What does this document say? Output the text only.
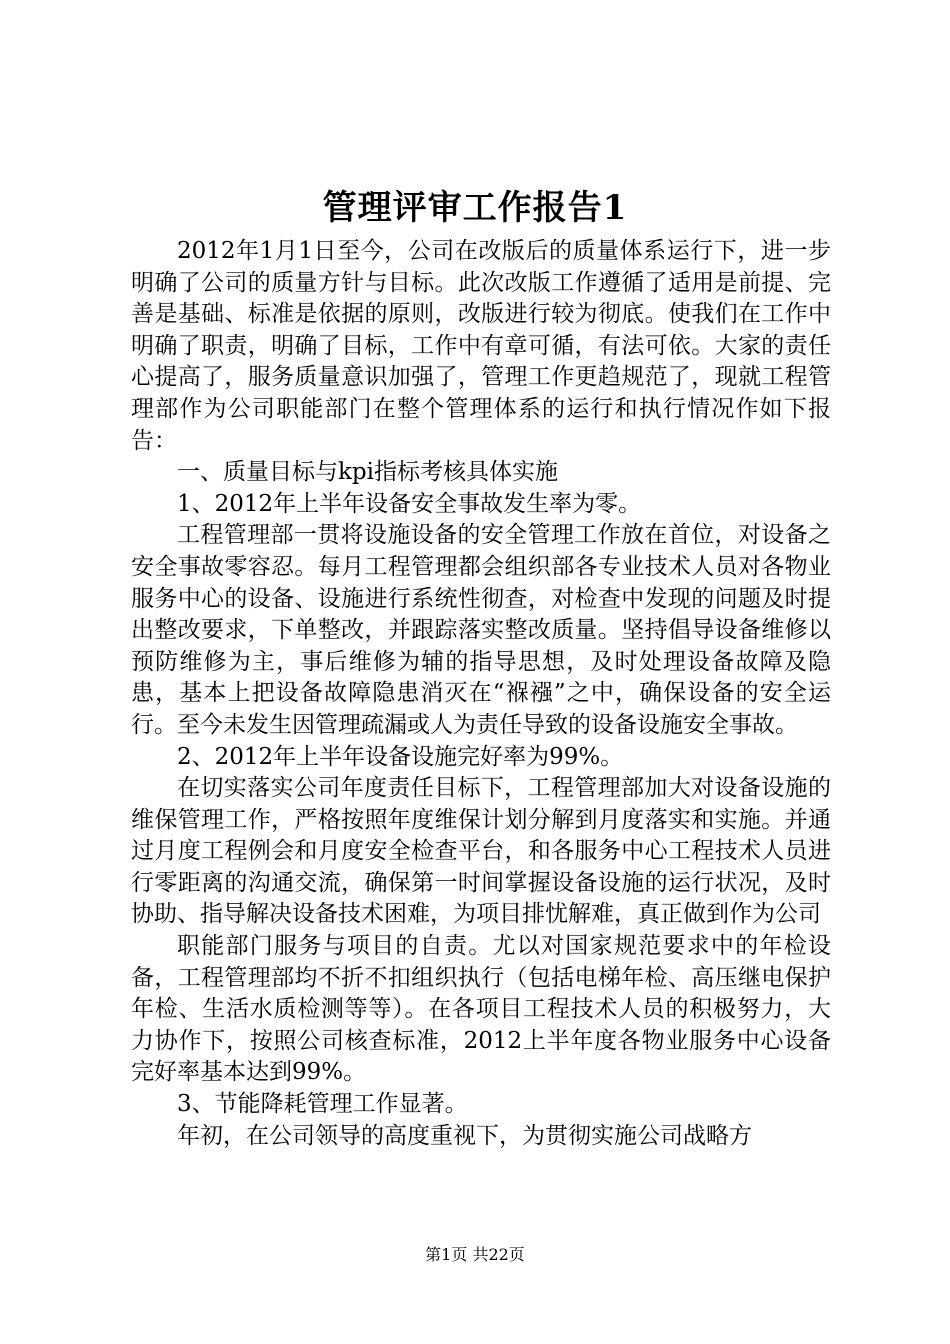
管理评审工作报告1

2012年1月1日至今，公司在改版后的质量体系运行下，进一步明确了公司的质量方针与目标。此次改版工作遵循了适用是前提、完善是基础、标准是依据的原则，改版进行较为彻底。使我们在工作中明确了职责，明确了目标，工作中有章可循，有法可依。大家的责任心提高了，服务质量意识加强了，管理工作更趋规范了，现就工程管理部作为公司职能部门在整个管理体系的运行和执行情况作如下报告：

一、质量目标与kpi指标考核具体实施

1、2012年上半年设备安全事故发生率为零。

工程管理部一贯将设施设备的安全管理工作放在首位，对设备之安全事故零容忍。每月工程管理都会组织部各专业技术人员对各物业服务中心的设备、设施进行系统性彻查，对检查中发现的问题及时提出整改要求，下单整改，并跟踪落实整改质量。坚持倡导设备维修以预防维修为主，事后维修为辅的指导思想，及时处理设备故障及隐患，基本上把设备故障隐患消灭在“褓襁”之中，确保设备的安全运行。至今未发生因管理疏漏或人为责任导致的设备设施安全事故。

2、2012年上半年设备设施完好率为99%。

在切实落实公司年度责任目标下，工程管理部加大对设备设施的维保管理工作，严格按照年度维保计划分解到月度落实和实施。并通过月度工程例会和月度安全检查平台，和各服务中心工程技术人员进行零距离的沟通交流，确保第一时间掌握设备设施的运行状况，及时协助、指导解决设备技术困难，为项目排忧解难，真正做到作为公司

职能部门服务与项目的自责。尤以对国家规范要求中的年检设备，工程管理部均不折不扣组织执行（包括电梯年检、高压继电保护年检、生活水质检测等等）。在各项目工程技术人员的积极努力，大力协作下，按照公司核查标准，2012上半年度各物业服务中心设备完好率基本达到99%。

3、节能降耗管理工作显著。

年初，在公司领导的高度重视下，为贯彻实施公司战略方

第1页 共22页
